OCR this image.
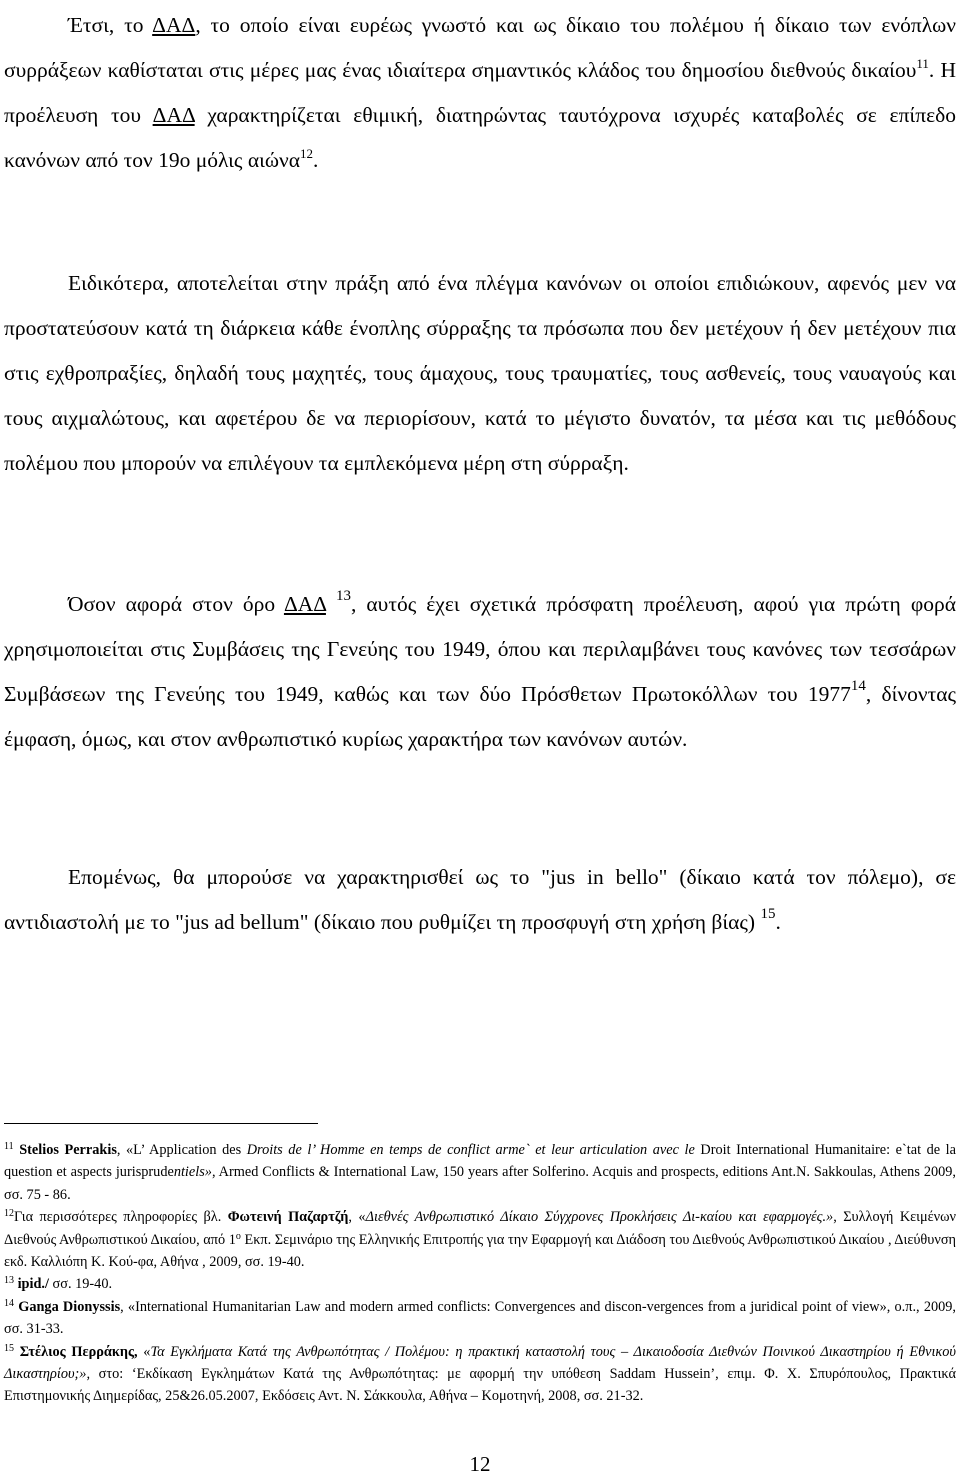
Έτσι, το ΔΑΔ, το οποίο είναι ευρέως γνωστό και ως δίκαιο του πολέμου ή δίκαιο των ενόπλων συρράξεων καθίσταται στις μέρες μας ένας ιδιαίτερα σημαντικός κλάδος του δημοσίου διεθνούς δικαίου$^{11}$. Η προέλευση του ΔΑΔ χαρακτηρίζεται εθιμική, διατηρώντας ταυτόχρονα ισχυρές καταβολές σε επίπεδο κανόνων από τον 19ο μόλις αιώνα$^{12}$.

Ειδικότερα, αποτελείται στην πράξη από ένα πλέγμα κανόνων οι οποίοι επιδιώκουν, αφενός μεν να προστατεύσουν κατά τη διάρκεια κάθε ένοπλης σύρραξης τα πρόσωπα που δεν μετέχουν ή δεν μετέχουν πια στις εχθροπραξίες, δηλαδή τους μαχητές, τους άμαχους, τους τραυματίες, τους ασθενείς, τους ναυαγούς και τους αιχμαλώτους, και αφετέρου δε να περιορίσουν, κατά το μέγιστο δυνατόν, τα μέσα και τις μεθόδους πολέμου που μπορούν να επιλέγουν τα εμπλεκόμενα μέρη στη σύρραξη.

Όσον αφορά στον όρο ΔΑΔ $^{13}$, αυτός έχει σχετικά πρόσφατη προέλευση, αφού για πρώτη φορά χρησιμοποιείται στις Συμβάσεις της Γενεύης του 1949, όπου και περιλαμβάνει τους κανόνες των τεσσάρων Συμβάσεων της Γενεύης του 1949, καθώς και των δύο Πρόσθετων Πρωτοκόλλων του 1977$^{14}$, δίνοντας έμφαση, όμως, και στον ανθρωπιστικό κυρίως χαρακτήρα των κανόνων αυτών.

Επομένως, θα μπορούσε να χαρακτηρισθεί ως το "jus in bello" (δίκαιο κατά τον πόλεμο), σε αντιδιαστολή με το "jus ad bellum" (δίκαιο που ρυθμίζει τη προσφυγή στη χρήση βίας) $^{15}$.

$^{11}$ Stelios Perrakis, «L’ Application des Droits de l’ Homme en temps de conflict arme` et leur articulation avec le Droit International Humanitaire: e`tat de la question et aspects jurisprudentiels», Armed Conflicts & International Law, 150 years after Solferino. Acquis and prospects, editions Ant.N. Sakkoulas, Athens 2009, σσ. 75 - 86.

$^{12}$Για περισσότερες πληροφορίες βλ. Φωτεινή Παζαρτζή, «Διεθνές Ανθρωπιστικό Δίκαιο Σύγχρονες Προκλήσεις Δι-καίου και εφαρμογές.», Συλλογή Κειμένων Διεθνούς Ανθρωπιστικού Δικαίου, από 1$^o$ Εκπ. Σεμινάριο της Ελληνικής Επιτροπής για την Εφαρμογή και Διάδοση του Διεθνούς Ανθρωπιστικού Δικαίου , Διεύθυνση εκδ. Καλλιόπη Κ. Κού-φα, Αθήνα , 2009, σσ. 19-40.

$^{13}$ ipid./ σσ. 19-40.

$^{14}$ Ganga Dionyssis, «International Humanitarian Law and modern armed conflicts: Convergences and discon-vergences from a juridical point of view», ο.π., 2009, σσ. 31-33.

$^{15}$ Στέλιος Περράκης, «Τα Εγκλήματα Κατά της Ανθρωπότητας / Πολέμου: η πρακτική καταστολή τους – Δικαιοδοσία Διεθνών Ποινικού Δικαστηρίου ή Εθνικού Δικαστηρίου;», στο: ‘Εκδίκαση Εγκλημάτων Κατά της Ανθρωπότητας: με αφορμή την υπόθεση Saddam Hussein’, επιμ. Φ. Χ. Σπυρόπουλος, Πρακτικά Επιστημονικής Διημερίδας, 25&26.05.2007, Εκδόσεις Αντ. Ν. Σάκκουλα, Αθήνα – Κομοτηνή, 2008, σσ. 21-32.

12
